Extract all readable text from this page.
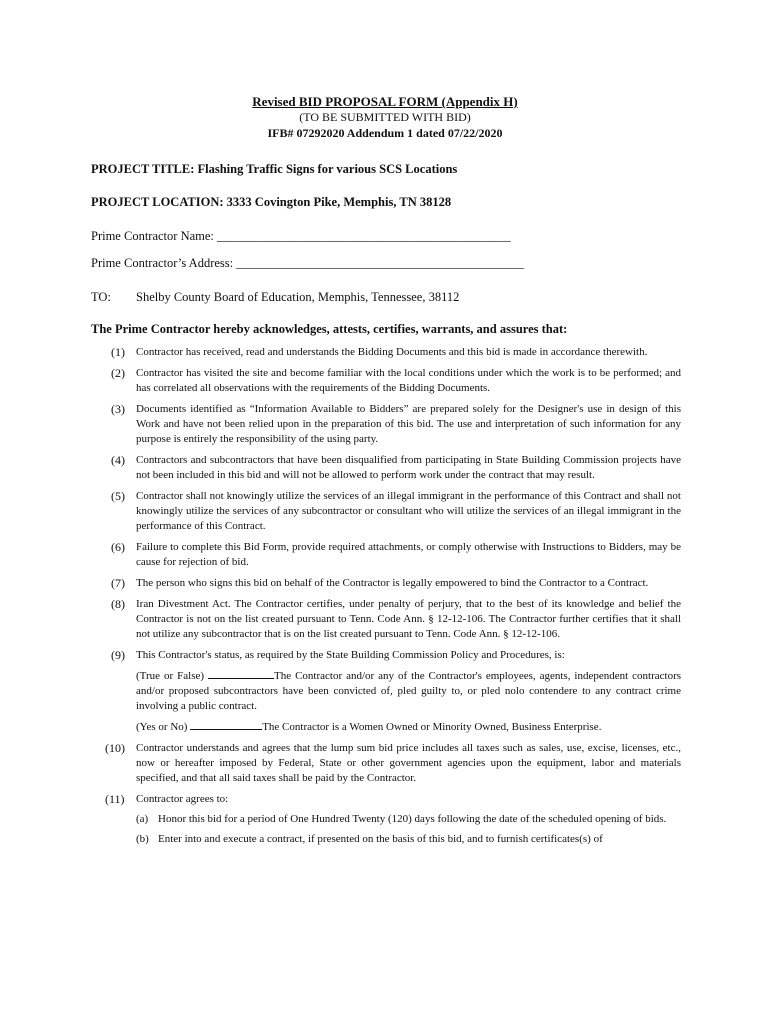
Revised BID PROPOSAL FORM (Appendix H)
(TO BE SUBMITTED WITH BID)
IFB# 07292020 Addendum 1 dated 07/22/2020
PROJECT TITLE: Flashing Traffic Signs for various SCS Locations
PROJECT LOCATION: 3333 Covington Pike, Memphis, TN 38128
Prime Contractor Name: _______________________________________________
Prime Contractor’s Address: ______________________________________________
TO: Shelby County Board of Education, Memphis, Tennessee, 38112
The Prime Contractor hereby acknowledges, attests, certifies, warrants, and assures that:
(1) Contractor has received, read and understands the Bidding Documents and this bid is made in accordance therewith.
(2) Contractor has visited the site and become familiar with the local conditions under which the work is to be performed; and has correlated all observations with the requirements of the Bidding Documents.
(3) Documents identified as “Information Available to Bidders” are prepared solely for the Designer's use in design of this Work and have not been relied upon in the preparation of this bid. The use and interpretation of such information for any purpose is entirely the responsibility of the using party.
(4) Contractors and subcontractors that have been disqualified from participating in State Building Commission projects have not been included in this bid and will not be allowed to perform work under the contract that may result.
(5) Contractor shall not knowingly utilize the services of an illegal immigrant in the performance of this Contract and shall not knowingly utilize the services of any subcontractor or consultant who will utilize the services of an illegal immigrant in the performance of this Contract.
(6) Failure to complete this Bid Form, provide required attachments, or comply otherwise with Instructions to Bidders, may be cause for rejection of bid.
(7) The person who signs this bid on behalf of the Contractor is legally empowered to bind the Contractor to a Contract.
(8) Iran Divestment Act. The Contractor certifies, under penalty of perjury, that to the best of its knowledge and belief the Contractor is not on the list created pursuant to Tenn. Code Ann. § 12-12-106. The Contractor further certifies that it shall not utilize any subcontractor that is on the list created pursuant to Tenn. Code Ann. § 12-12-106.
(9) This Contractor's status, as required by the State Building Commission Policy and Procedures, is:
(True or False)	The Contractor and/or any of the Contractor's employees, agents, independent contractors and/or proposed subcontractors have been convicted of, pled guilty to, or pled nolo contendere to any contract crime involving a public contract.
(Yes or No)	The Contractor is a Women Owned or Minority Owned, Business Enterprise.
(10) Contractor understands and agrees that the lump sum bid price includes all taxes such as sales, use, excise, licenses, etc., now or hereafter imposed by Federal, State or other government agencies upon the equipment, labor and materials specified, and that all said taxes shall be paid by the Contractor.
(11) Contractor agrees to:
(a) Honor this bid for a period of One Hundred Twenty (120) days following the date of the scheduled opening of bids.
(b) Enter into and execute a contract, if presented on the basis of this bid, and to furnish certificates(s) of
